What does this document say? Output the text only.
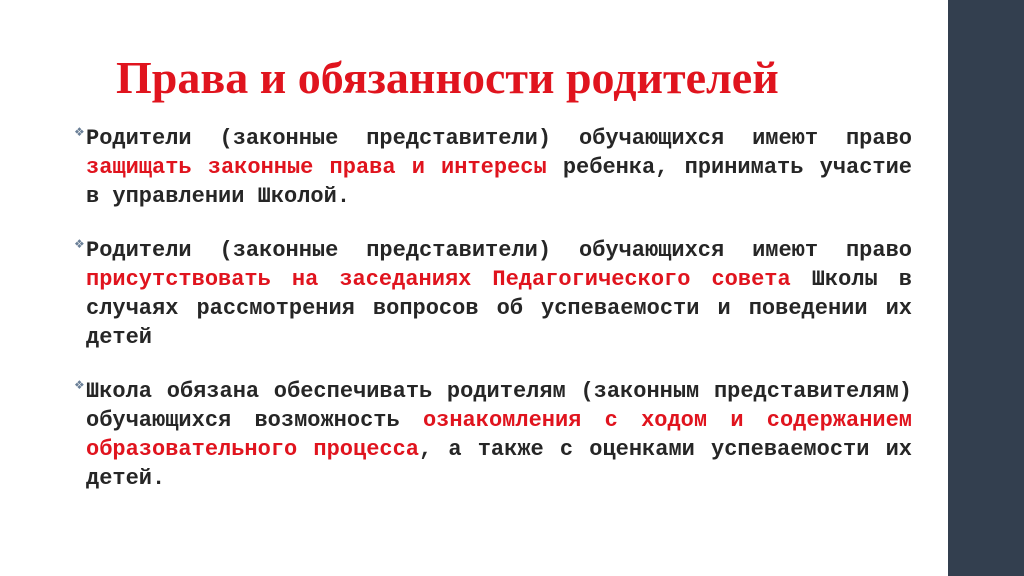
Права и обязанности родителей

❖ Родители (законные представители) обучающихся имеют право защищать законные права и интересы ребенка, принимать участие в управлении Школой.

❖ Родители (законные представители) обучающихся имеют право присутствовать на заседаниях Педагогического совета Школы в случаях рассмотрения вопросов об успеваемости и поведении их детей

❖ Школа обязана обеспечивать родителям (законным представителям) обучающихся возможность ознакомления с ходом и содержанием образовательного процесса, а также с оценками успеваемости их детей.
